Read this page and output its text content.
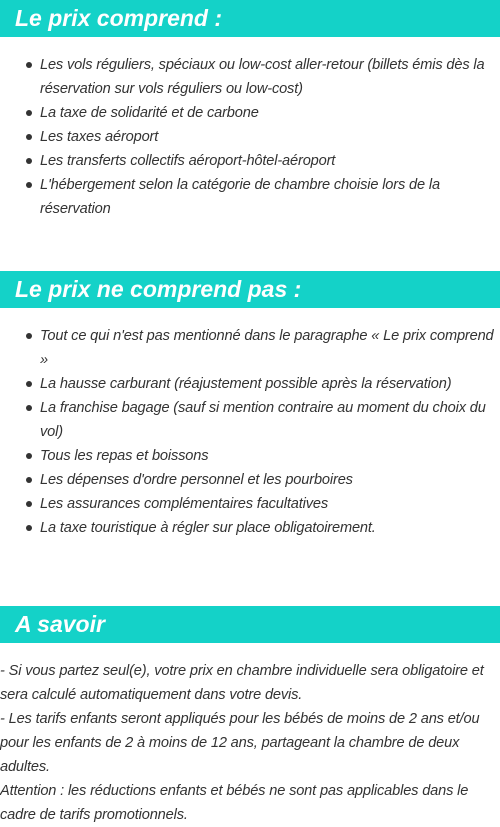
Le prix comprend :
Les vols réguliers, spéciaux ou low-cost aller-retour (billets émis dès la réservation sur vols réguliers ou low-cost)
La taxe de solidarité et de carbone
Les taxes aéroport
Les transferts collectifs aéroport-hôtel-aéroport
L'hébergement selon la catégorie de chambre choisie lors de la réservation
Le prix ne comprend pas :
Tout ce qui n'est pas mentionné dans le paragraphe « Le prix comprend »
La hausse carburant (réajustement possible après la réservation)
La franchise bagage (sauf si mention contraire au moment du choix du vol)
Tous les repas et boissons
Les dépenses d'ordre personnel et les pourboires
Les assurances complémentaires facultatives
La taxe touristique à régler sur place obligatoirement.
A savoir
- Si vous partez seul(e), votre prix en chambre individuelle sera obligatoire et sera calculé automatiquement dans votre devis.
- Les tarifs enfants seront appliqués pour les bébés de moins de 2 ans et/ou pour les enfants de 2 à moins de 12 ans, partageant la chambre de deux adultes.
Attention : les réductions enfants et bébés ne sont pas applicables dans le cadre de tarifs promotionnels.
